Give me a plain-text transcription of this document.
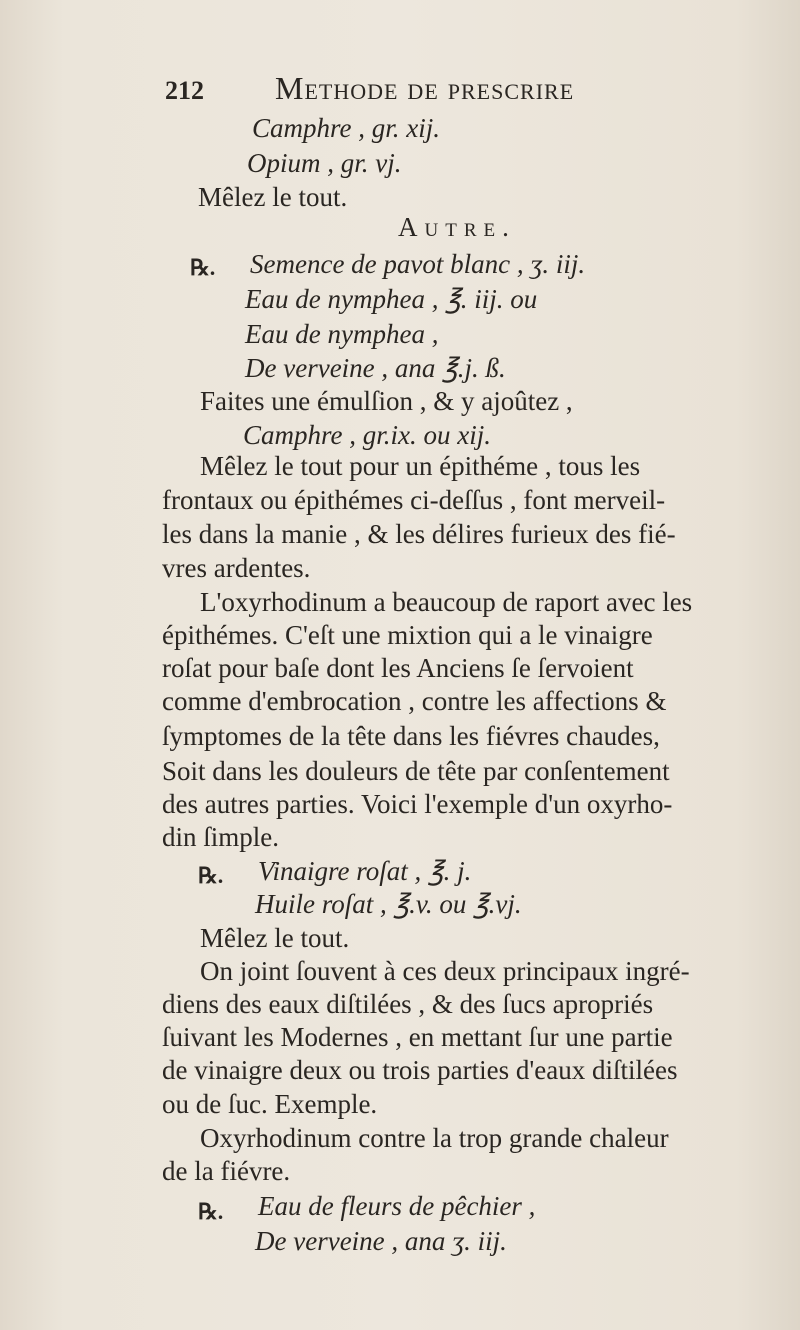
212 Methode de prescrire
Camphre , gr. xij.
Opium , gr. vj.
Mêlez le tout.
Autre.
℞. Semence de pavot blanc , ʒ. iij.
Eau de nymphea , ℥. iij. ou
Eau de nymphea ,
De verveine , ana ℥.j. ß.
Faites une émulſion , & y ajoûtez ,
Camphre , gr.ix. ou xij.
Mêlez le tout pour un épithéme , tous les
frontaux ou épithémes ci-deſſus , font merveil-
les dans la manie , & les délires furieux des fié-
vres ardentes.
L'oxyrhodinum a beaucoup de raport avec les
épithémes. C'eſt une mixtion qui a le vinaigre
roſat pour baſe dont les Anciens ſe ſervoient
comme d'embrocation , contre les affections &
ſymptomes de la tête dans les fiévres chaudes,
Soit dans les douleurs de tête par conſentement
des autres parties. Voici l'exemple d'un oxyrho-
din ſimple.
℞. Vinaigre roſat , ℥. j.
Huile roſat , ℥.v. ou ℥.vj.
Mêlez le tout.
On joint ſouvent à ces deux principaux ingré-
diens des eaux diſtilées , & des ſucs apropriés
ſuivant les Modernes , en mettant ſur une partie
de vinaigre deux ou trois parties d'eaux diſtilées
ou de ſuc. Exemple.
Oxyrhodinum contre la trop grande chaleur
de la fiévre.
℞. Eau de fleurs de pêchier ,
De verveine , ana ʒ. iij.
